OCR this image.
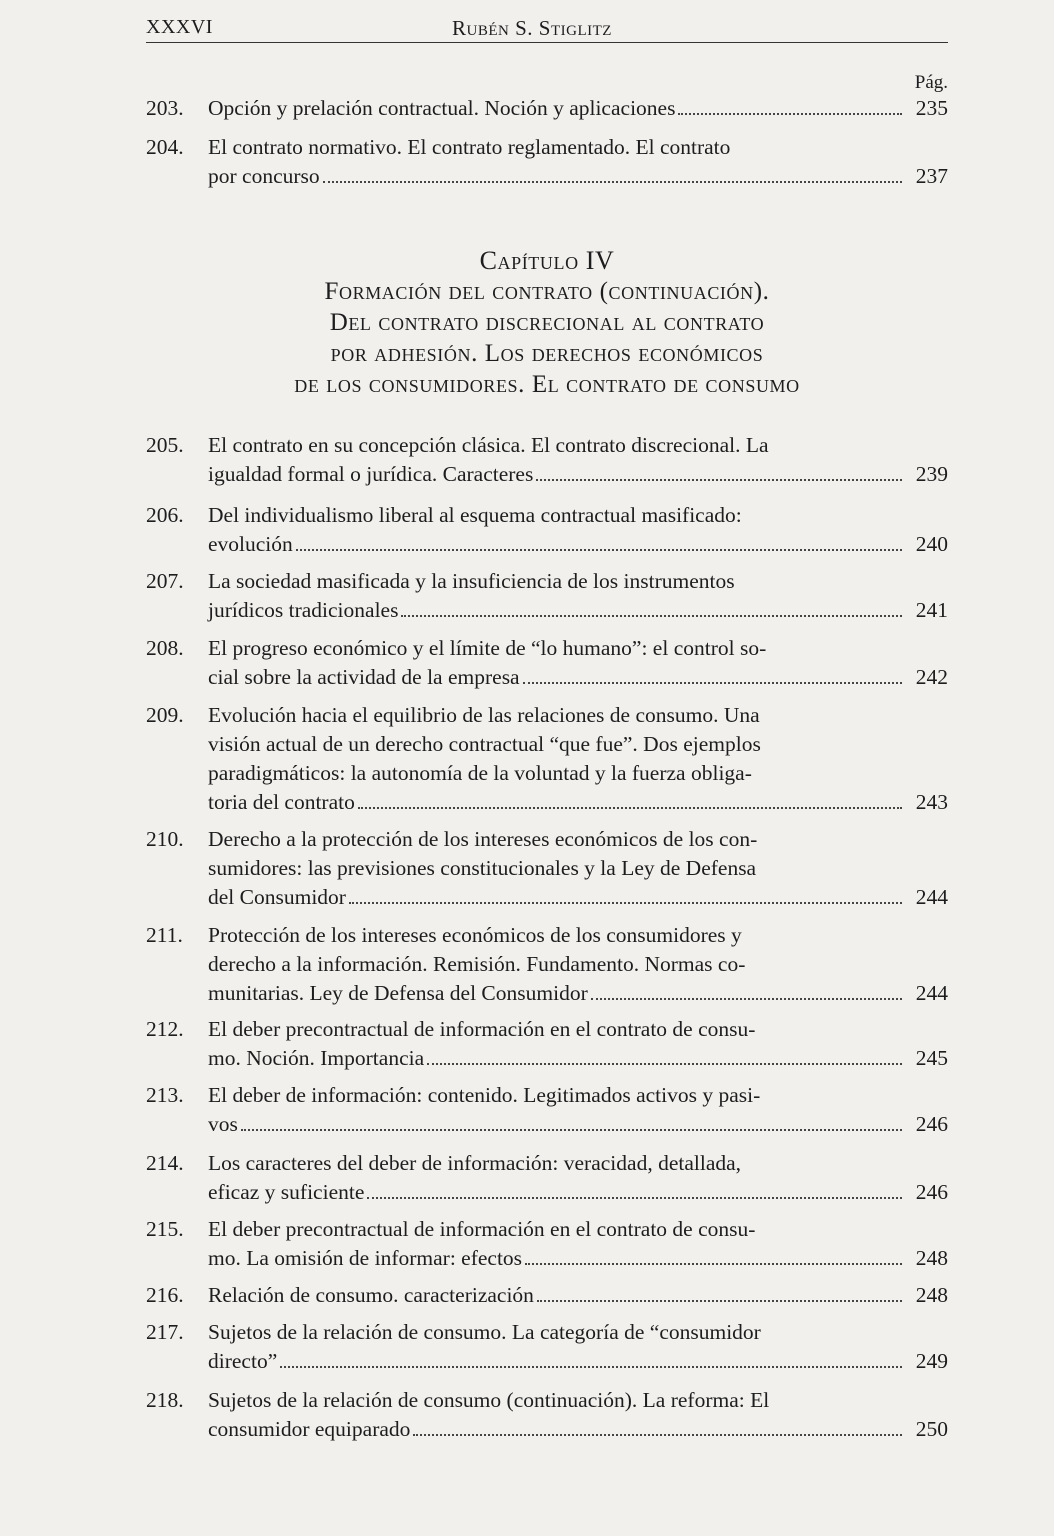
XXXVI	Rubén S. Stiglitz
Pág.
203.	Opción y prelación contractual. Noción y aplicaciones	235
204.	El contrato normativo. El contrato reglamentado. El contrato
por concurso	237
Capítulo IV
Formación del contrato (continuación).
Del contrato discrecional al contrato
por adhesión. Los derechos económicos
de los consumidores. El contrato de consumo
205.	El contrato en su concepción clásica. El contrato discrecional. La
igualdad formal o jurídica. Caracteres	239
206.	Del individualismo liberal al esquema contractual masificado:
evolución	240
207.	La sociedad masificada y la insuficiencia de los instrumentos
jurídicos tradicionales	241
208.	El progreso económico y el límite de “lo humano”: el control so-
cial sobre la actividad de la empresa	242
209.	Evolución hacia el equilibrio de las relaciones de consumo. Una
visión actual de un derecho contractual “que fue”. Dos ejemplos
paradigmáticos: la autonomía de la voluntad y la fuerza obliga-
toria del contrato	243
210.	Derecho a la protección de los intereses económicos de los con-
sumidores: las previsiones constitucionales y la Ley de Defensa
del Consumidor	244
211.	Protección de los intereses económicos de los consumidores y
derecho a la información. Remisión. Fundamento. Normas co-
munitarias. Ley de Defensa del Consumidor	244
212.	El deber precontractual de información en el contrato de consu-
mo. Noción. Importancia	245
213.	El deber de información: contenido. Legitimados activos y pasi-
vos	246
214.	Los caracteres del deber de información: veracidad, detallada,
eficaz y suficiente	246
215.	El deber precontractual de información en el contrato de consu-
mo. La omisión de informar: efectos	248
216.	Relación de consumo. caracterización	248
217.	Sujetos de la relación de consumo. La categoría de “consumidor
directo”	249
218.	Sujetos de la relación de consumo (continuación). La reforma: El
consumidor equiparado	250
